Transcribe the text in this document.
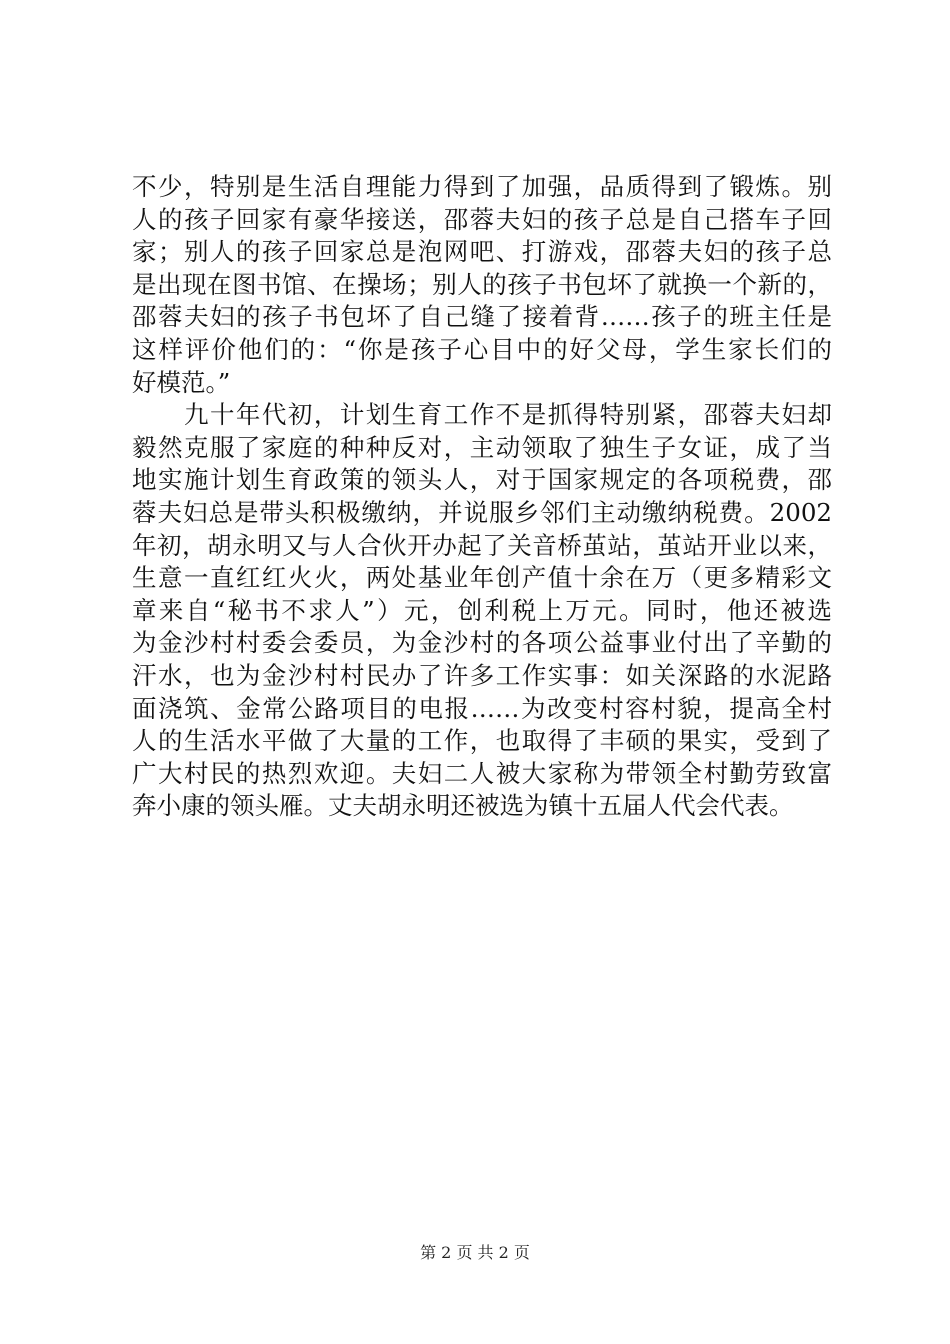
不少，特别是生活自理能力得到了加强，品质得到了锻炼。别
人的孩子回家有豪华接送，邵蓉夫妇的孩子总是自己搭车子回
家；别人的孩子回家总是泡网吧、打游戏，邵蓉夫妇的孩子总
是出现在图书馆、在操场；别人的孩子书包坏了就换一个新的，
邵蓉夫妇的孩子书包坏了自己缝了接着背……孩子的班主任是
这样评价他们的：“你是孩子心目中的好父母，学生家长们的
好模范。”
　　九十年代初，计划生育工作不是抓得特别紧，邵蓉夫妇却
毅然克服了家庭的种种反对，主动领取了独生子女证，成了当
地实施计划生育政策的领头人，对于国家规定的各项税费，邵
蓉夫妇总是带头积极缴纳，并说服乡邻们主动缴纳税费。2002
年初，胡永明又与人合伙开办起了关音桥茧站，茧站开业以来，
生意一直红红火火，两处基业年创产值十余在万（更多精彩文
章来自“秘书不求人”）元，创利税上万元。同时，他还被选
为金沙村村委会委员，为金沙村的各项公益事业付出了辛勤的
汗水，也为金沙村村民办了许多工作实事：如关深路的水泥路
面浇筑、金常公路项目的电报……为改变村容村貌，提高全村
人的生活水平做了大量的工作，也取得了丰硕的果实，受到了
广大村民的热烈欢迎。夫妇二人被大家称为带领全村勤劳致富
奔小康的领头雁。丈夫胡永明还被选为镇十五届人代会代表。
第 2 页 共 2 页
